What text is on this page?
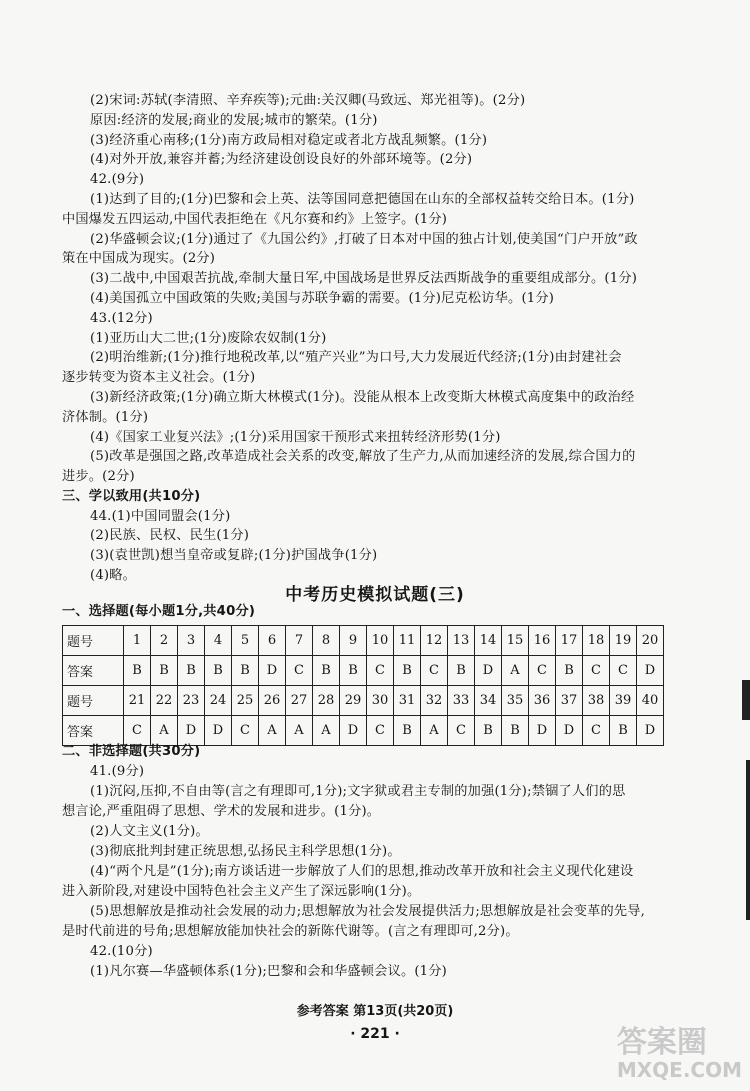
(2)宋词:苏轼(李清照、辛弃疾等);元曲:关汉卿(马致远、郑光祖等)。(2分)
原因:经济的发展;商业的发展;城市的繁荣。(1分)
(3)经济重心南移;(1分)南方政局相对稳定或者北方战乱频繁。(1分)
(4)对外开放,兼容并蓄;为经济建设创设良好的外部环境等。(2分)
42.(9分)
(1)达到了目的;(1分)巴黎和会上英、法等国同意把德国在山东的全部权益转交给日本。(1分)
中国爆发五四运动,中国代表拒绝在《凡尔赛和约》上签字。(1分)
(2)华盛顿会议;(1分)通过了《九国公约》,打破了日本对中国的独占计划,使美国“门户开放”政
策在中国成为现实。(2分)
(3)二战中,中国艰苦抗战,牵制大量日军,中国战场是世界反法西斯战争的重要组成部分。(1分)
(4)美国孤立中国政策的失败;美国与苏联争霸的需要。(1分)尼克松访华。(1分)
43.(12分)
(1)亚历山大二世;(1分)废除农奴制(1分)
(2)明治维新;(1分)推行地税改革,以“殖产兴业”为口号,大力发展近代经济;(1分)由封建社会
逐步转变为资本主义社会。(1分)
(3)新经济政策;(1分)确立斯大林模式(1分)。没能从根本上改变斯大林模式高度集中的政治经
济体制。(1分)
(4)《国家工业复兴法》;(1分)采用国家干预形式来扭转经济形势(1分)
(5)改革是强国之路,改革造成社会关系的改变,解放了生产力,从而加速经济的发展,综合国力的
进步。(2分)
三、学以致用(共10分)
44.(1)中国同盟会(1分)
(2)民族、民权、民生(1分)
(3)(袁世凯)想当皇帝或复辟;(1分)护国战争(1分)
(4)略。
中考历史模拟试题(三)
一、选择题(每小题1分,共40分)
题号	1	2	3	4	5	6	7	8	9	10	11	12	13	14	15	16	17	18	19	20
答案	B	B	B	B	B	D	C	B	B	C	B	C	B	D	A	C	B	C	C	D
题号	21	22	23	24	25	26	27	28	29	30	31	32	33	34	35	36	37	38	39	40
答案	C	A	D	D	C	A	A	A	D	C	B	A	C	B	B	D	D	C	B	D
二、非选择题(共30分)
41.(9分)
(1)沉闷,压抑,不自由等(言之有理即可,1分);文字狱或君主专制的加强(1分);禁锢了人们的思
想言论,严重阻碍了思想、学术的发展和进步。(1分)。
(2)人文主义(1分)。
(3)彻底批判封建正统思想,弘扬民主科学思想(1分)。
(4)“两个凡是”(1分);南方谈话进一步解放了人们的思想,推动改革开放和社会主义现代化建设
进入新阶段,对建设中国特色社会主义产生了深远影响(1分)。
(5)思想解放是推动社会发展的动力;思想解放为社会发展提供活力;思想解放是社会变革的先导,
是时代前进的号角;思想解放能加快社会的新陈代谢等。(言之有理即可,2分)。
42.(10分)
(1)凡尔赛—华盛顿体系(1分);巴黎和会和华盛顿会议。(1分)
参考答案 第13页(共20页)
· 221 ·	答案圈
MXQE.COM
